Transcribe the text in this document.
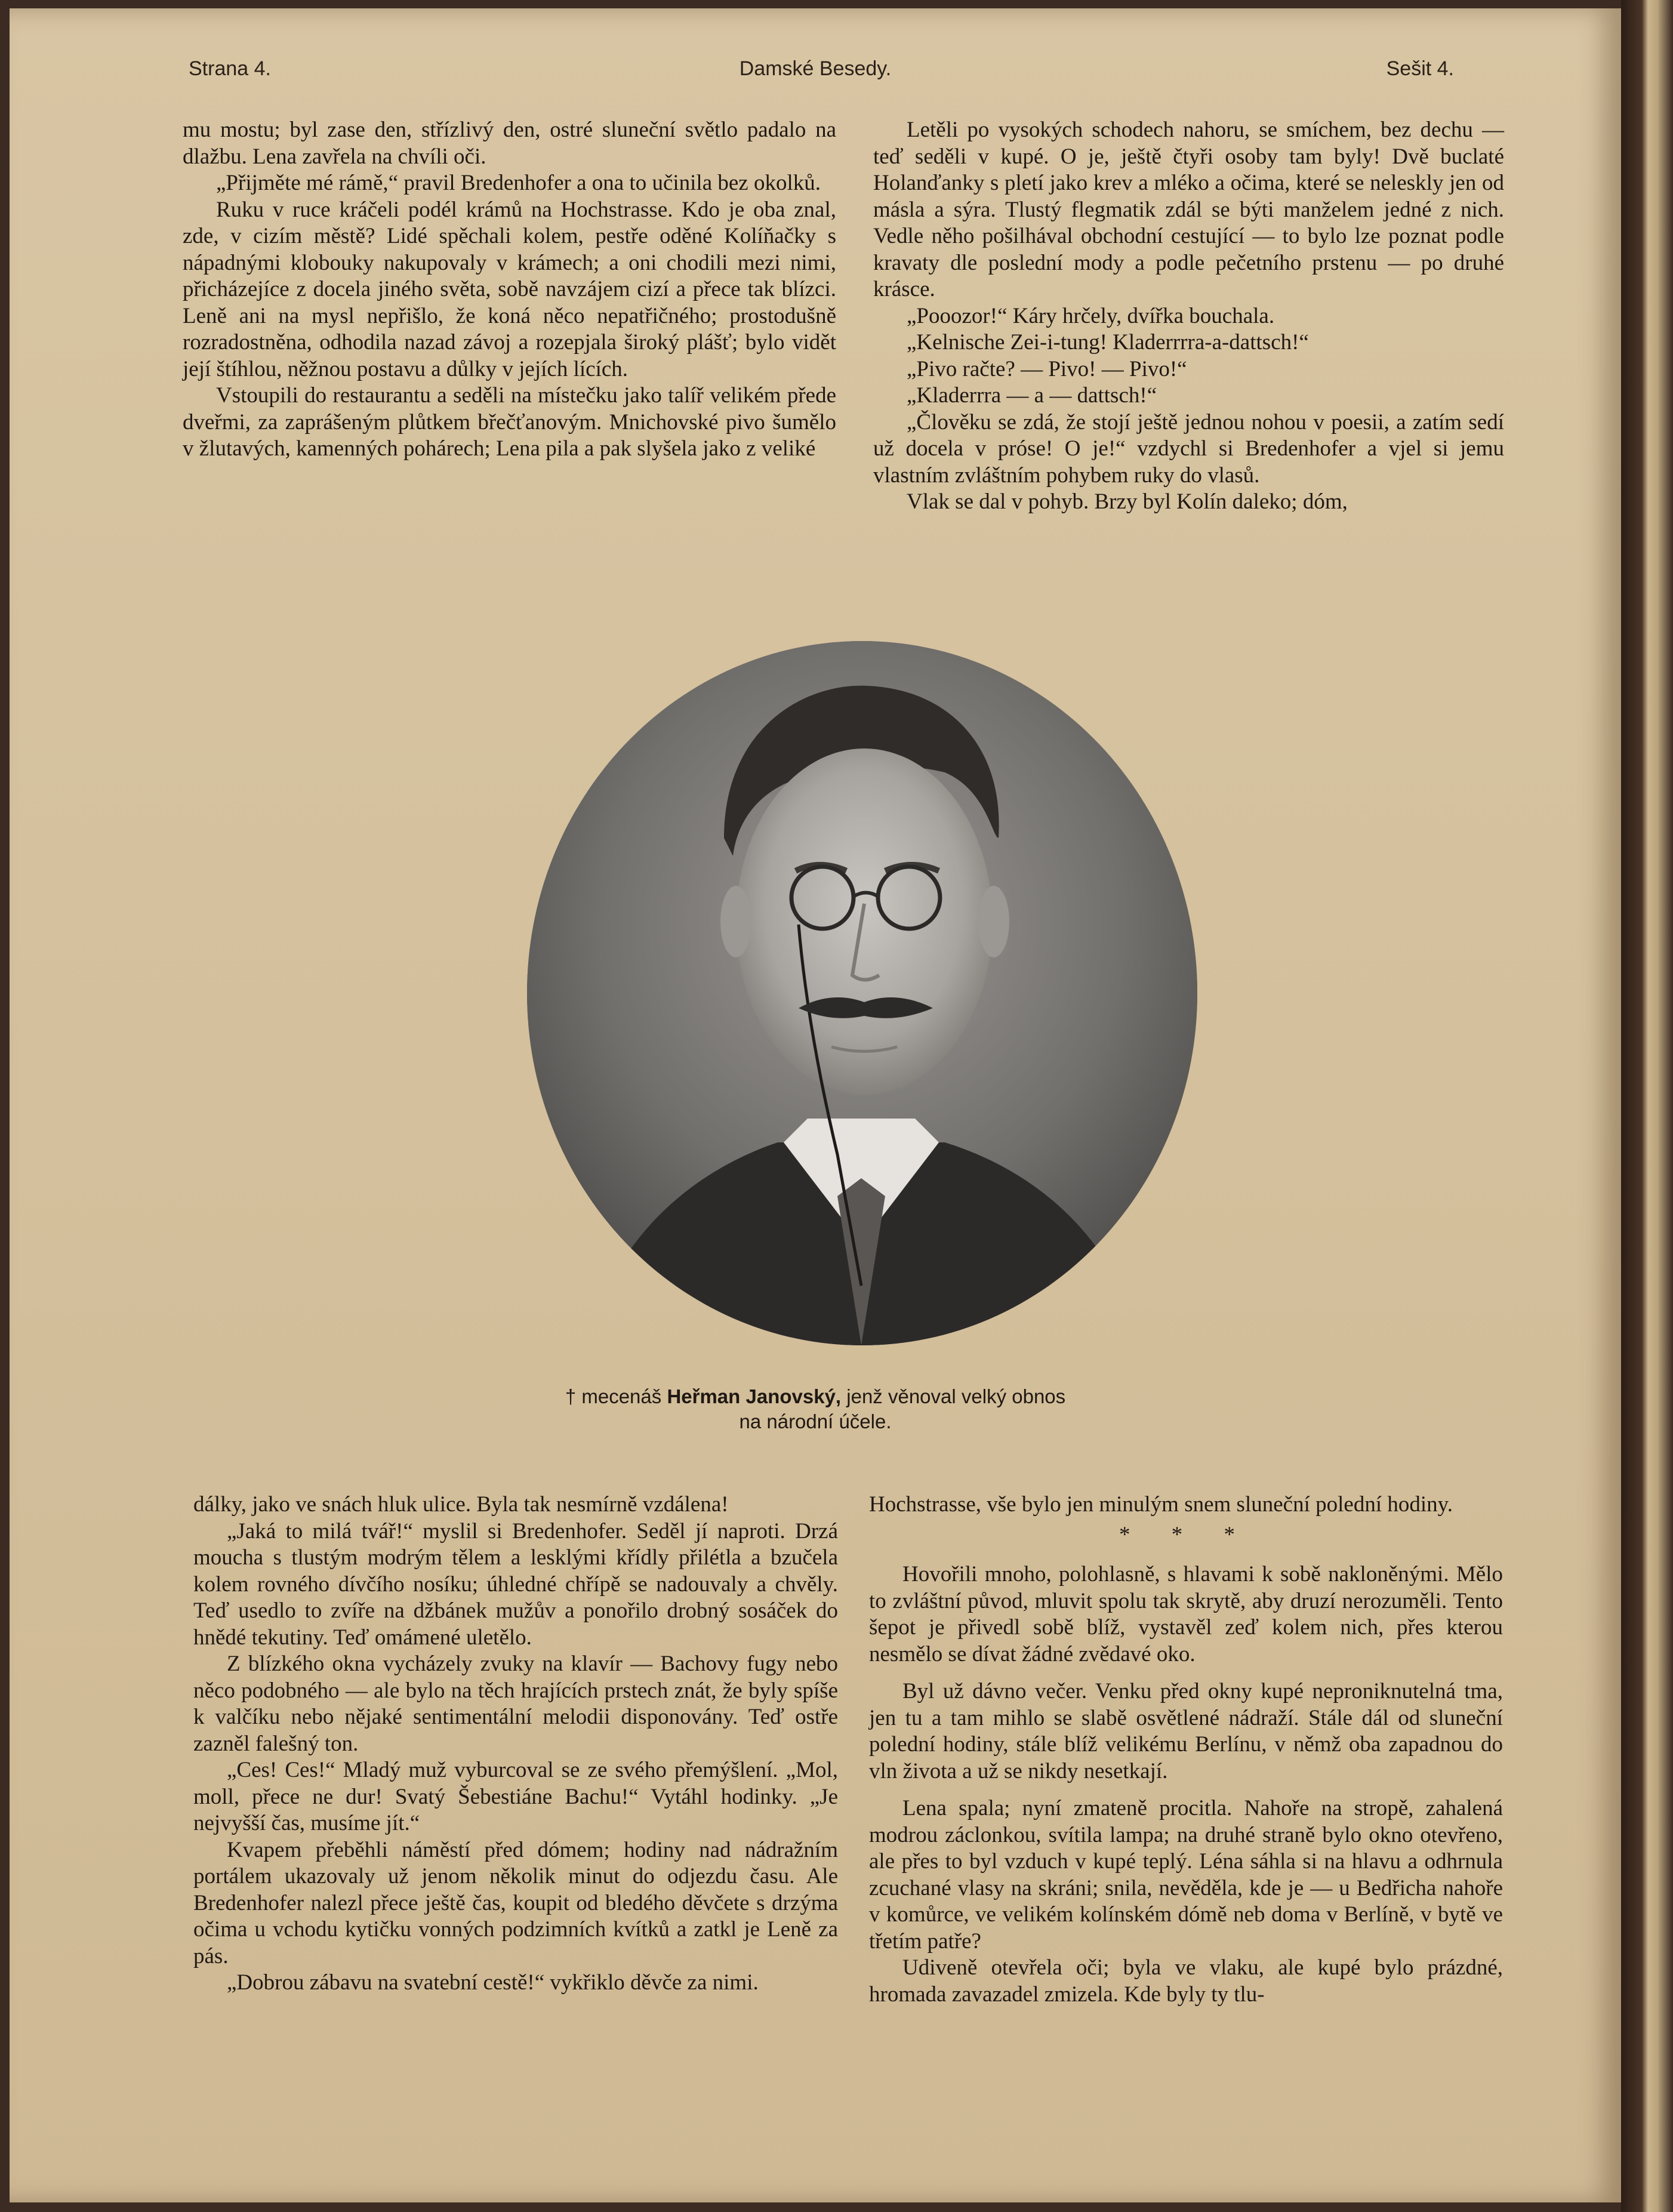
Strana 4.	Damské Besedy.	Sešit 4.

mu mostu; byl zase den, střízlivý den, ostré sluneční světlo padalo na dlažbu. Lena zavřela na chvíli oči.

„Přijměte mé rámě,“ pravil Bredenhofer a ona to učinila bez okolků.

Ruku v ruce kráčeli podél krámů na Hochstrasse. Kdo je oba znal, zde, v cizím městě? Lidé spěchali kolem, pestře oděné Kolíňačky s nápadnými klobouky nakupovaly v krámech; a oni chodili mezi nimi, přicházejíce z docela jiného světa, sobě navzájem cizí a přece tak blízci. Leně ani na mysl nepřišlo, že koná něco nepatřičného; prostodušně rozradostněna, odhodila nazad závoj a rozepjala široký plášť; bylo vidět její štíhlou, něžnou postavu a důlky v jejích lících.

Vstoupili do restaurantu a seděli na místečku jako talíř velikém předе dveřmi, za zaprášeným plůtkem břečťanovým. Mnichovské pivo šumělo v žlutavých, kamenných pohárech; Lena pila a pak slyšela jako z veliké

Letěli po vysokých schodech nahoru, se smíchem, bez dechu — teď seděli v kupé. O je, ještě čtyři osoby tam byly! Dvě buclaté Holanďanky s pletí jako krev a mléko a očima, které se neleskly jen od másla a sýra. Tlustý flegmatik zdál se býti manželem jedné z nich. Vedle něho pošilhával obchodní cestující — to bylo lze poznat podle kravaty dle poslední mody a podle pečetního prstenu — po druhé krásce.

„Pooozor!“ Káry hrčely, dvířka bouchala.

„Kelnische Zei-i-tung! Kladerrrra-a-dattsch!“

„Pivo račte? — Pivo! — Pivo!“

„Kladerrra — a — dattsch!“

„Člověku se zdá, že stojí ještě jednou nohou v poesii, a zatím sedí už docela v próse! O je!“ vzdychl si Bredenhofer a vjel si jemu vlastním zvláštním pohybem ruky do vlasů.

Vlak se dal v pohyb. Brzy byl Kolín daleko; dóm,

† mecenáš Heřman Janovský, jenž věnoval velký obnos
na národní účele.

dálky, jako ve snách hluk ulice. Byla tak nesmírně vzdálena!

„Jaká to milá tvář!“ myslil si Bredenhofer. Seděl jí naproti. Drzá moucha s tlustým modrým tělem a lesklými křídly přilétla a bzučela kolem rovného dívčího nosíku; úhledné chřípě se nadouvaly a chvěly. Teď usedlo to zvíře na džbánek mužův a ponořilo drobný sosáček do hnědé tekutiny. Teď omámené uletělo.

Z blízkého okna vycházely zvuky na klavír — Bachovy fugy nebo něco podobného — ale bylo na těch hrajících prstech znát, že byly spíše k valčíku nebo nějaké sentimentální melodii disponovány. Teď ostře zazněl falešný ton.

„Ces! Ces!“ Mladý muž vyburcoval se ze svého přemýšlení. „Mol, moll, přece ne dur! Svatý Šebestiáne Bachu!“ Vytáhl hodinky. „Je nejvyšší čas, musíme jít.“

Kvapem přeběhli náměstí před dómem; hodiny nad nádražním portálem ukazovaly už jenom několik minut do odjezdu času. Ale Bredenhofer nalezl přece ještě čas, koupit od bledého děvčete s drzýma očima u vchodu kytičku vonných podzimních kvítků a zatkl je Leně za pás.

„Dobrou zábavu na svatební cestě!“ vykřiklo děvče za nimi.

Hochstrasse, vše bylo jen minulým snem sluneční polední hodiny.

* * *

Hovořili mnoho, polohlasně, s hlavami k sobě nakloněnými. Mělo to zvláštní původ, mluvit spolu tak skrytě, aby druzí nerozuměli. Tento šepot je přivedl sobě blíž, vystavěl zeď kolem nich, přes kterou nesmělo se dívat žádné zvědavé oko.

Byl už dávno večer. Venku před okny kupé neproniknutelná tma, jen tu a tam mihlo se slabě osvětlené nádraží. Stále dál od sluneční polední hodiny, stále blíž velikému Berlínu, v němž oba zapadnou do vln života a už se nikdy nesetkají.

Lena spala; nyní zmateně procitla. Nahoře na stropě, zahalená modrou záclonkou, svítila lampa; na druhé straně bylo okno otevřeno, ale přes to byl vzduch v kupé teplý. Léna sáhla si na hlavu a odhrnula zcuchané vlasy na skráni; snila, nevěděla, kde je — u Bedřicha nahoře v komůrce, ve velikém kolínském dómě neb doma v Berlíně, v bytě ve třetím patře?

Udiveně otevřela oči; byla ve vlaku, ale kupé bylo prázdné, hromada zavazadel zmizela. Kde byly ty tlu-
